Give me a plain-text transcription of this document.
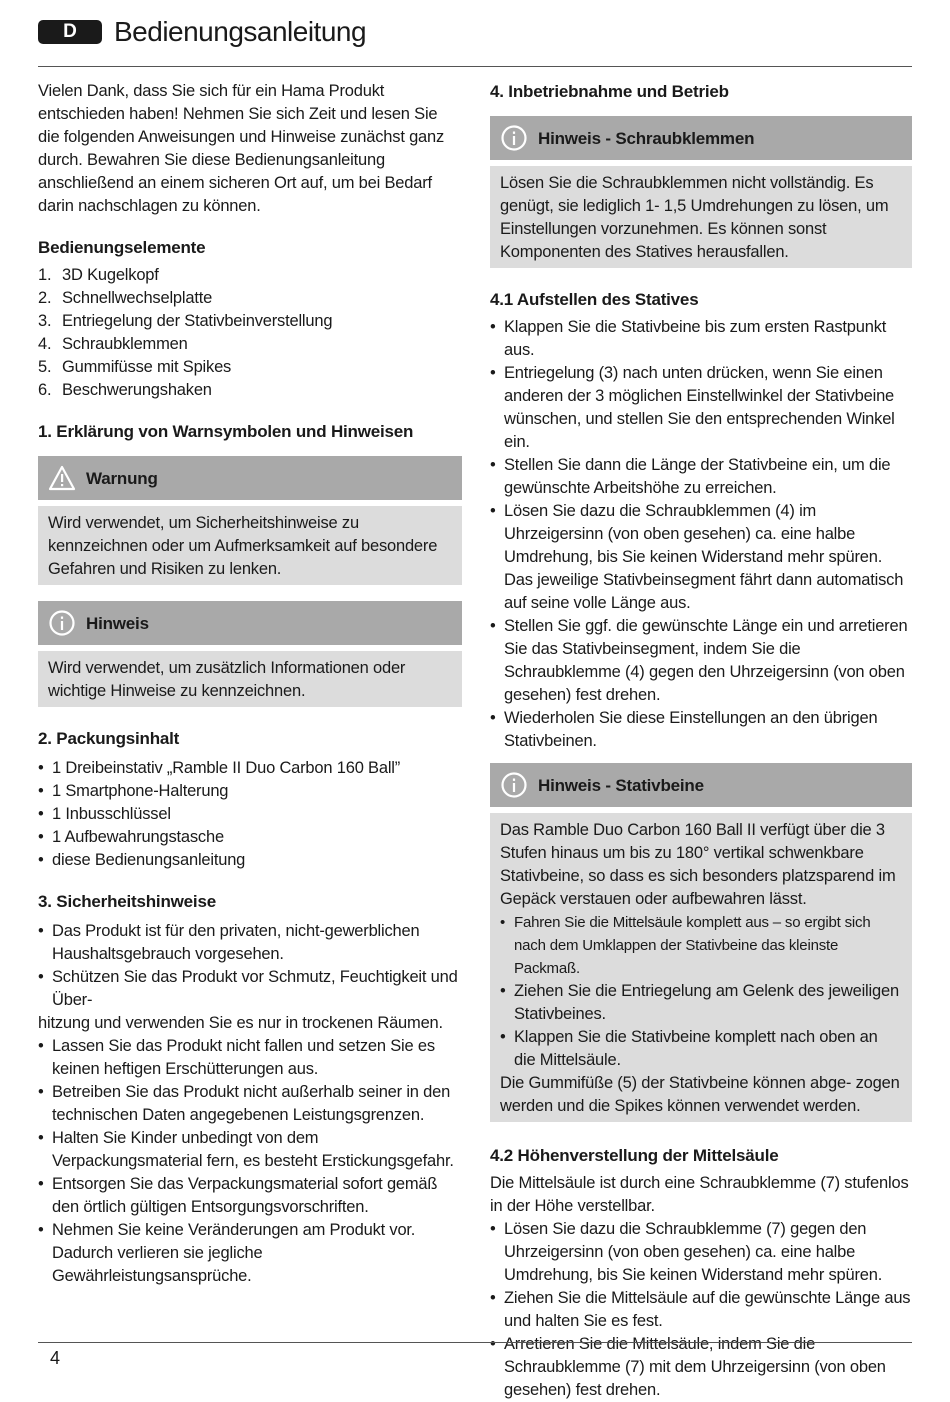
D	Bedienungsanleitung

Vielen Dank, dass Sie sich für ein Hama Produkt entschieden haben! Nehmen Sie sich Zeit und lesen Sie die folgenden Anweisungen und Hinweise zunächst ganz durch. Bewahren Sie diese Bedienungsanleitung anschließend an einem sicheren Ort auf, um bei Bedarf darin nachschlagen zu können.

Bedienungselemente
1. 3D Kugelkopf
2. Schnellwechselplatte
3. Entriegelung der Stativbeinverstellung
4. Schraubklemmen
5. Gummifüsse mit Spikes
6. Beschwerungshaken
1. Erklärung von Warnsymbolen und Hinweisen
Warnung
Wird verwendet, um Sicherheitshinweise zu kennzeichnen oder um Aufmerksamkeit auf besondere Gefahren und Risiken zu lenken.
Hinweis
Wird verwendet, um zusätzlich Informationen oder wichtige Hinweise zu kennzeichnen.
2. Packungsinhalt
• 1 Dreibeinstativ „Ramble II Duo Carbon 160 Ball”
• 1 Smartphone-Halterung
• 1 Inbusschlüssel
• 1 Aufbewahrungstasche
• diese Bedienungsanleitung
3. Sicherheitshinweise
• Das Produkt ist für den privaten, nicht-gewerblichen Haushaltsgebrauch vorgesehen.
• Schützen Sie das Produkt vor Schmutz, Feuchtigkeit und Über-
hitzung und verwenden Sie es nur in trockenen Räumen.
• Lassen Sie das Produkt nicht fallen und setzen Sie es keinen heftigen Erschütterungen aus.
• Betreiben Sie das Produkt nicht außerhalb seiner in den technischen Daten angegebenen Leistungsgrenzen.
• Halten Sie Kinder unbedingt von dem Verpackungsmaterial fern, es besteht Erstickungsgefahr.
• Entsorgen Sie das Verpackungsmaterial sofort gemäß den örtlich gültigen Entsorgungsvorschriften.
• Nehmen Sie keine Veränderungen am Produkt vor. Dadurch verlieren sie jegliche Gewährleistungsansprüche.
4. Inbetriebnahme und Betrieb
Hinweis - Schraubklemmen
Lösen Sie die Schraubklemmen nicht vollständig. Es genügt, sie lediglich 1- 1,5 Umdrehungen zu lösen, um Einstellungen vorzunehmen. Es können sonst Komponenten des Statives herausfallen.
4.1 Aufstellen des Statives
• Klappen Sie die Stativbeine bis zum ersten Rastpunkt aus.
• Entriegelung (3) nach unten drücken, wenn Sie einen anderen der 3 möglichen Einstellwinkel der Stativbeine wünschen, und stellen Sie den entsprechenden Winkel ein.
• Stellen Sie dann die Länge der Stativbeine ein, um die gewünschte Arbeitshöhe zu erreichen.
• Lösen Sie dazu die Schraubklemmen (4) im Uhrzeigersinn (von oben gesehen) ca. eine halbe Umdrehung, bis Sie keinen Widerstand mehr spüren. Das jeweilige Stativbeinsegment fährt dann automatisch auf seine volle Länge aus.
• Stellen Sie ggf. die gewünschte Länge ein und arretieren Sie das Stativbeinsegment, indem Sie die Schraubklemme (4) gegen den Uhrzeigersinn (von oben gesehen) fest drehen.
• Wiederholen Sie diese Einstellungen an den übrigen Stativbeinen.
Hinweis - Stativbeine

Das Ramble Duo Carbon 160 Ball II verfügt über die 3 Stufen hinaus um bis zu 180° vertikal schwenkbare Stativbeine, so dass es sich besonders platzsparend im Gepäck verstauen oder aufbewahren lässt.

• Fahren Sie die Mittelsäule komplett aus – so ergibt sich nach dem Umklappen der Stativbeine das kleinste Packmaß.
• Ziehen Sie die Entriegelung am Gelenk des jeweiligen Stativbeines.
• Klappen Sie die Stativbeine komplett nach oben an die Mittelsäule.

Die Gummifüße (5) der Stativbeine können abge- zogen werden und die Spikes können verwendet werden.

4.2 Höhenverstellung der Mittelsäule

Die Mittelsäule ist durch eine Schraubklemme (7) stufenlos in der Höhe verstellbar.

• Lösen Sie dazu die Schraubklemme (7) gegen den Uhrzeigersinn (von oben gesehen) ca. eine halbe Umdrehung, bis Sie keinen Widerstand mehr spüren.
• Ziehen Sie die Mittelsäule auf die gewünschte Länge aus und halten Sie es fest.
• Arretieren Sie die Mittelsäule, indem Sie die Schraubklemme (7) mit dem Uhrzeigersinn (von oben gesehen) fest drehen.
4
